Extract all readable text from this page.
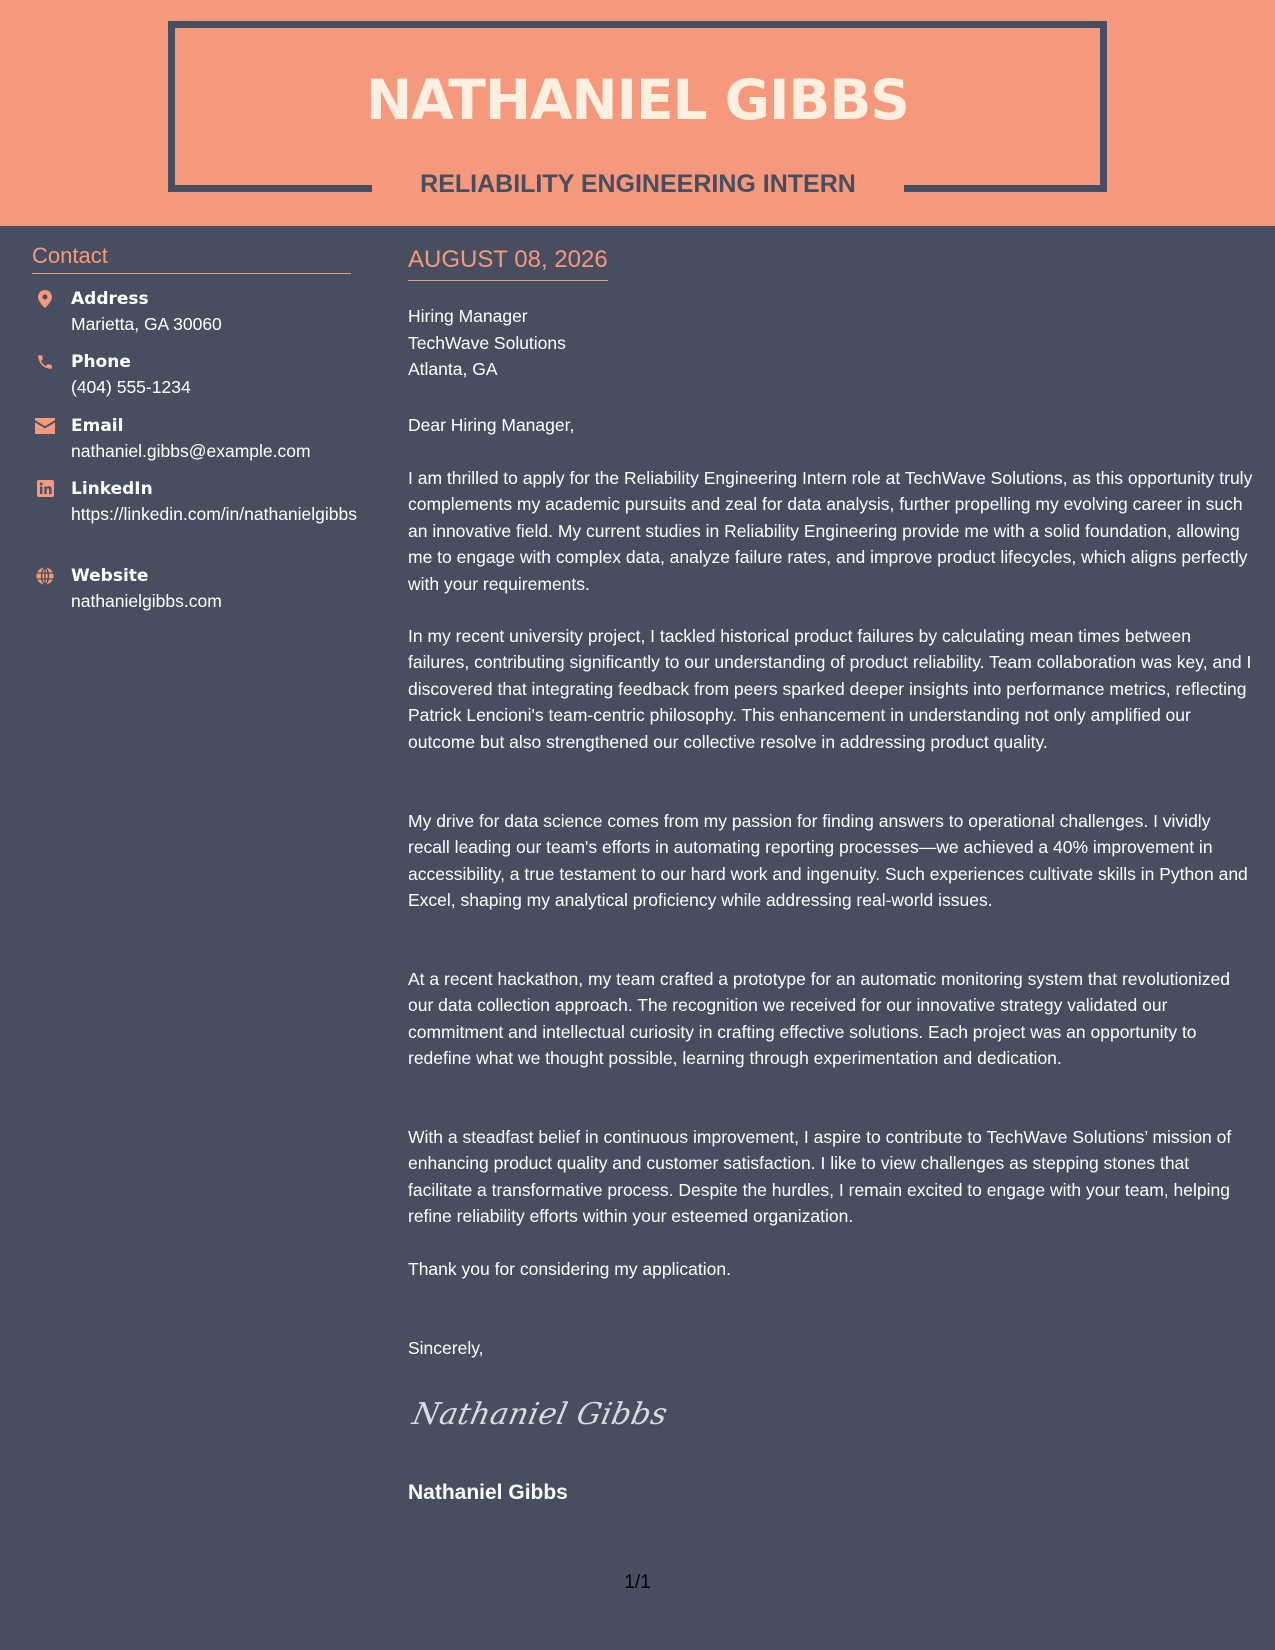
NATHANIEL GIBBS
RELIABILITY ENGINEERING INTERN
Contact
Address
Marietta, GA 30060
Phone
(404) 555-1234
Email
nathaniel.gibbs@example.com
LinkedIn
https://linkedin.com/in/nathanielgibbs
Website
nathanielgibbs.com
AUGUST 08, 2026
Hiring Manager
TechWave Solutions
Atlanta, GA

Dear Hiring Manager,

I am thrilled to apply for the Reliability Engineering Intern role at TechWave Solutions, as this opportunity truly complements my academic pursuits and zeal for data analysis, further propelling my evolving career in such an innovative field. My current studies in Reliability Engineering provide me with a solid foundation, allowing me to engage with complex data, analyze failure rates, and improve product lifecycles, which aligns perfectly with your requirements.

In my recent university project, I tackled historical product failures by calculating mean times between failures, contributing significantly to our understanding of product reliability. Team collaboration was key, and I discovered that integrating feedback from peers sparked deeper insights into performance metrics, reflecting Patrick Lencioni's team-centric philosophy. This enhancement in understanding not only amplified our outcome but also strengthened our collective resolve in addressing product quality.

My drive for data science comes from my passion for finding answers to operational challenges. I vividly recall leading our team's efforts in automating reporting processes—we achieved a 40% improvement in accessibility, a true testament to our hard work and ingenuity. Such experiences cultivate skills in Python and Excel, shaping my analytical proficiency while addressing real-world issues.

At a recent hackathon, my team crafted a prototype for an automatic monitoring system that revolutionized our data collection approach. The recognition we received for our innovative strategy validated our commitment and intellectual curiosity in crafting effective solutions. Each project was an opportunity to redefine what we thought possible, learning through experimentation and dedication.

With a steadfast belief in continuous improvement, I aspire to contribute to TechWave Solutions’ mission of enhancing product quality and customer satisfaction. I like to view challenges as stepping stones that facilitate a transformative process. Despite the hurdles, I remain excited to engage with your team, helping refine reliability efforts within your esteemed organization.

Thank you for considering my application.

Sincerely,

Nathaniel Gibbs
Nathaniel Gibbs
1/1
